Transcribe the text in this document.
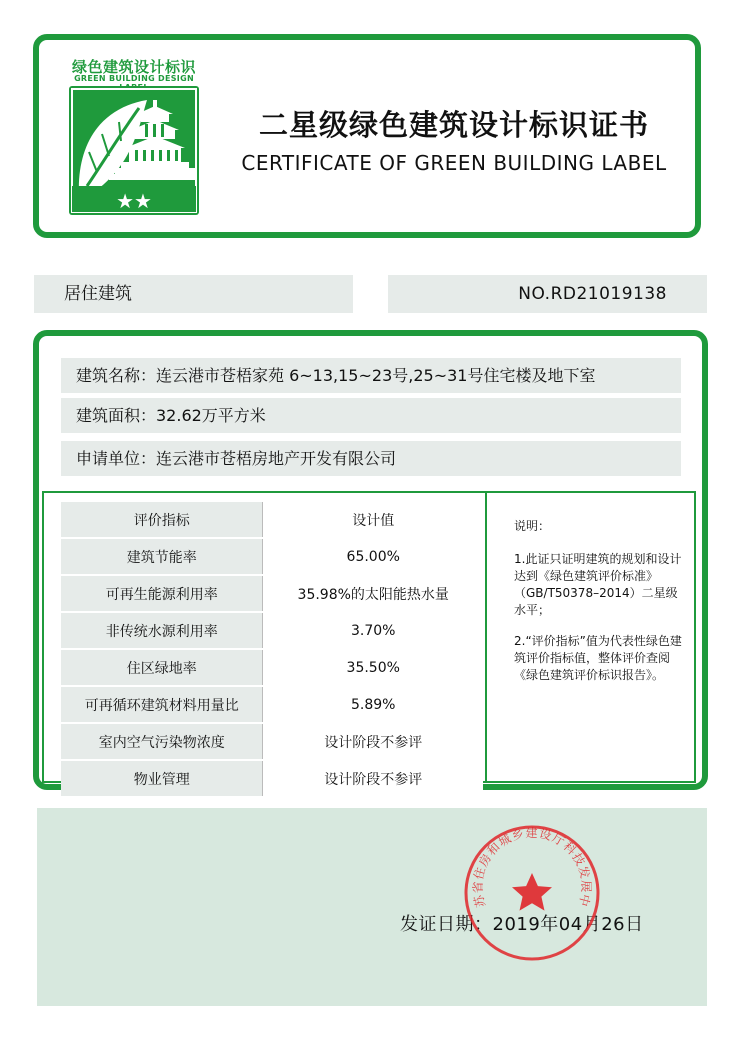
绿色建筑设计标识
GREEN BUILDING DESIGN
★★
二星级绿色建筑设计标识证书
CERTIFICATE OF GREEN BUILDING LABEL
居住建筑	NO.RD21019138
建筑名称：连云港市苍梧家苑 6~13,15~23号,25~31号住宅楼及地下室
建筑面积：32.62万平方米
申请单位：连云港市苍梧房地产开发有限公司
评价指标	设计值
建筑节能率	65.00%
可再生能源利用率	35.98%的太阳能热水量
非传统水源利用率	3.70%
住区绿地率	35.50%
可再循环建筑材料用量比	5.89%
室内空气污染物浓度	设计阶段不参评
物业管理	设计阶段不参评

说明：

1.此证只证明建筑的规划和设计达到《绿色建筑评价标准》（GB/T50378–2014）二星级水平；

2.“评价指标”值为代表性绿色建筑评价指标值，整体评价查阅《绿色建筑评价标识报告》。

发证日期：2019年04月26日
苏省住房和城乡建设厅科技发展中
